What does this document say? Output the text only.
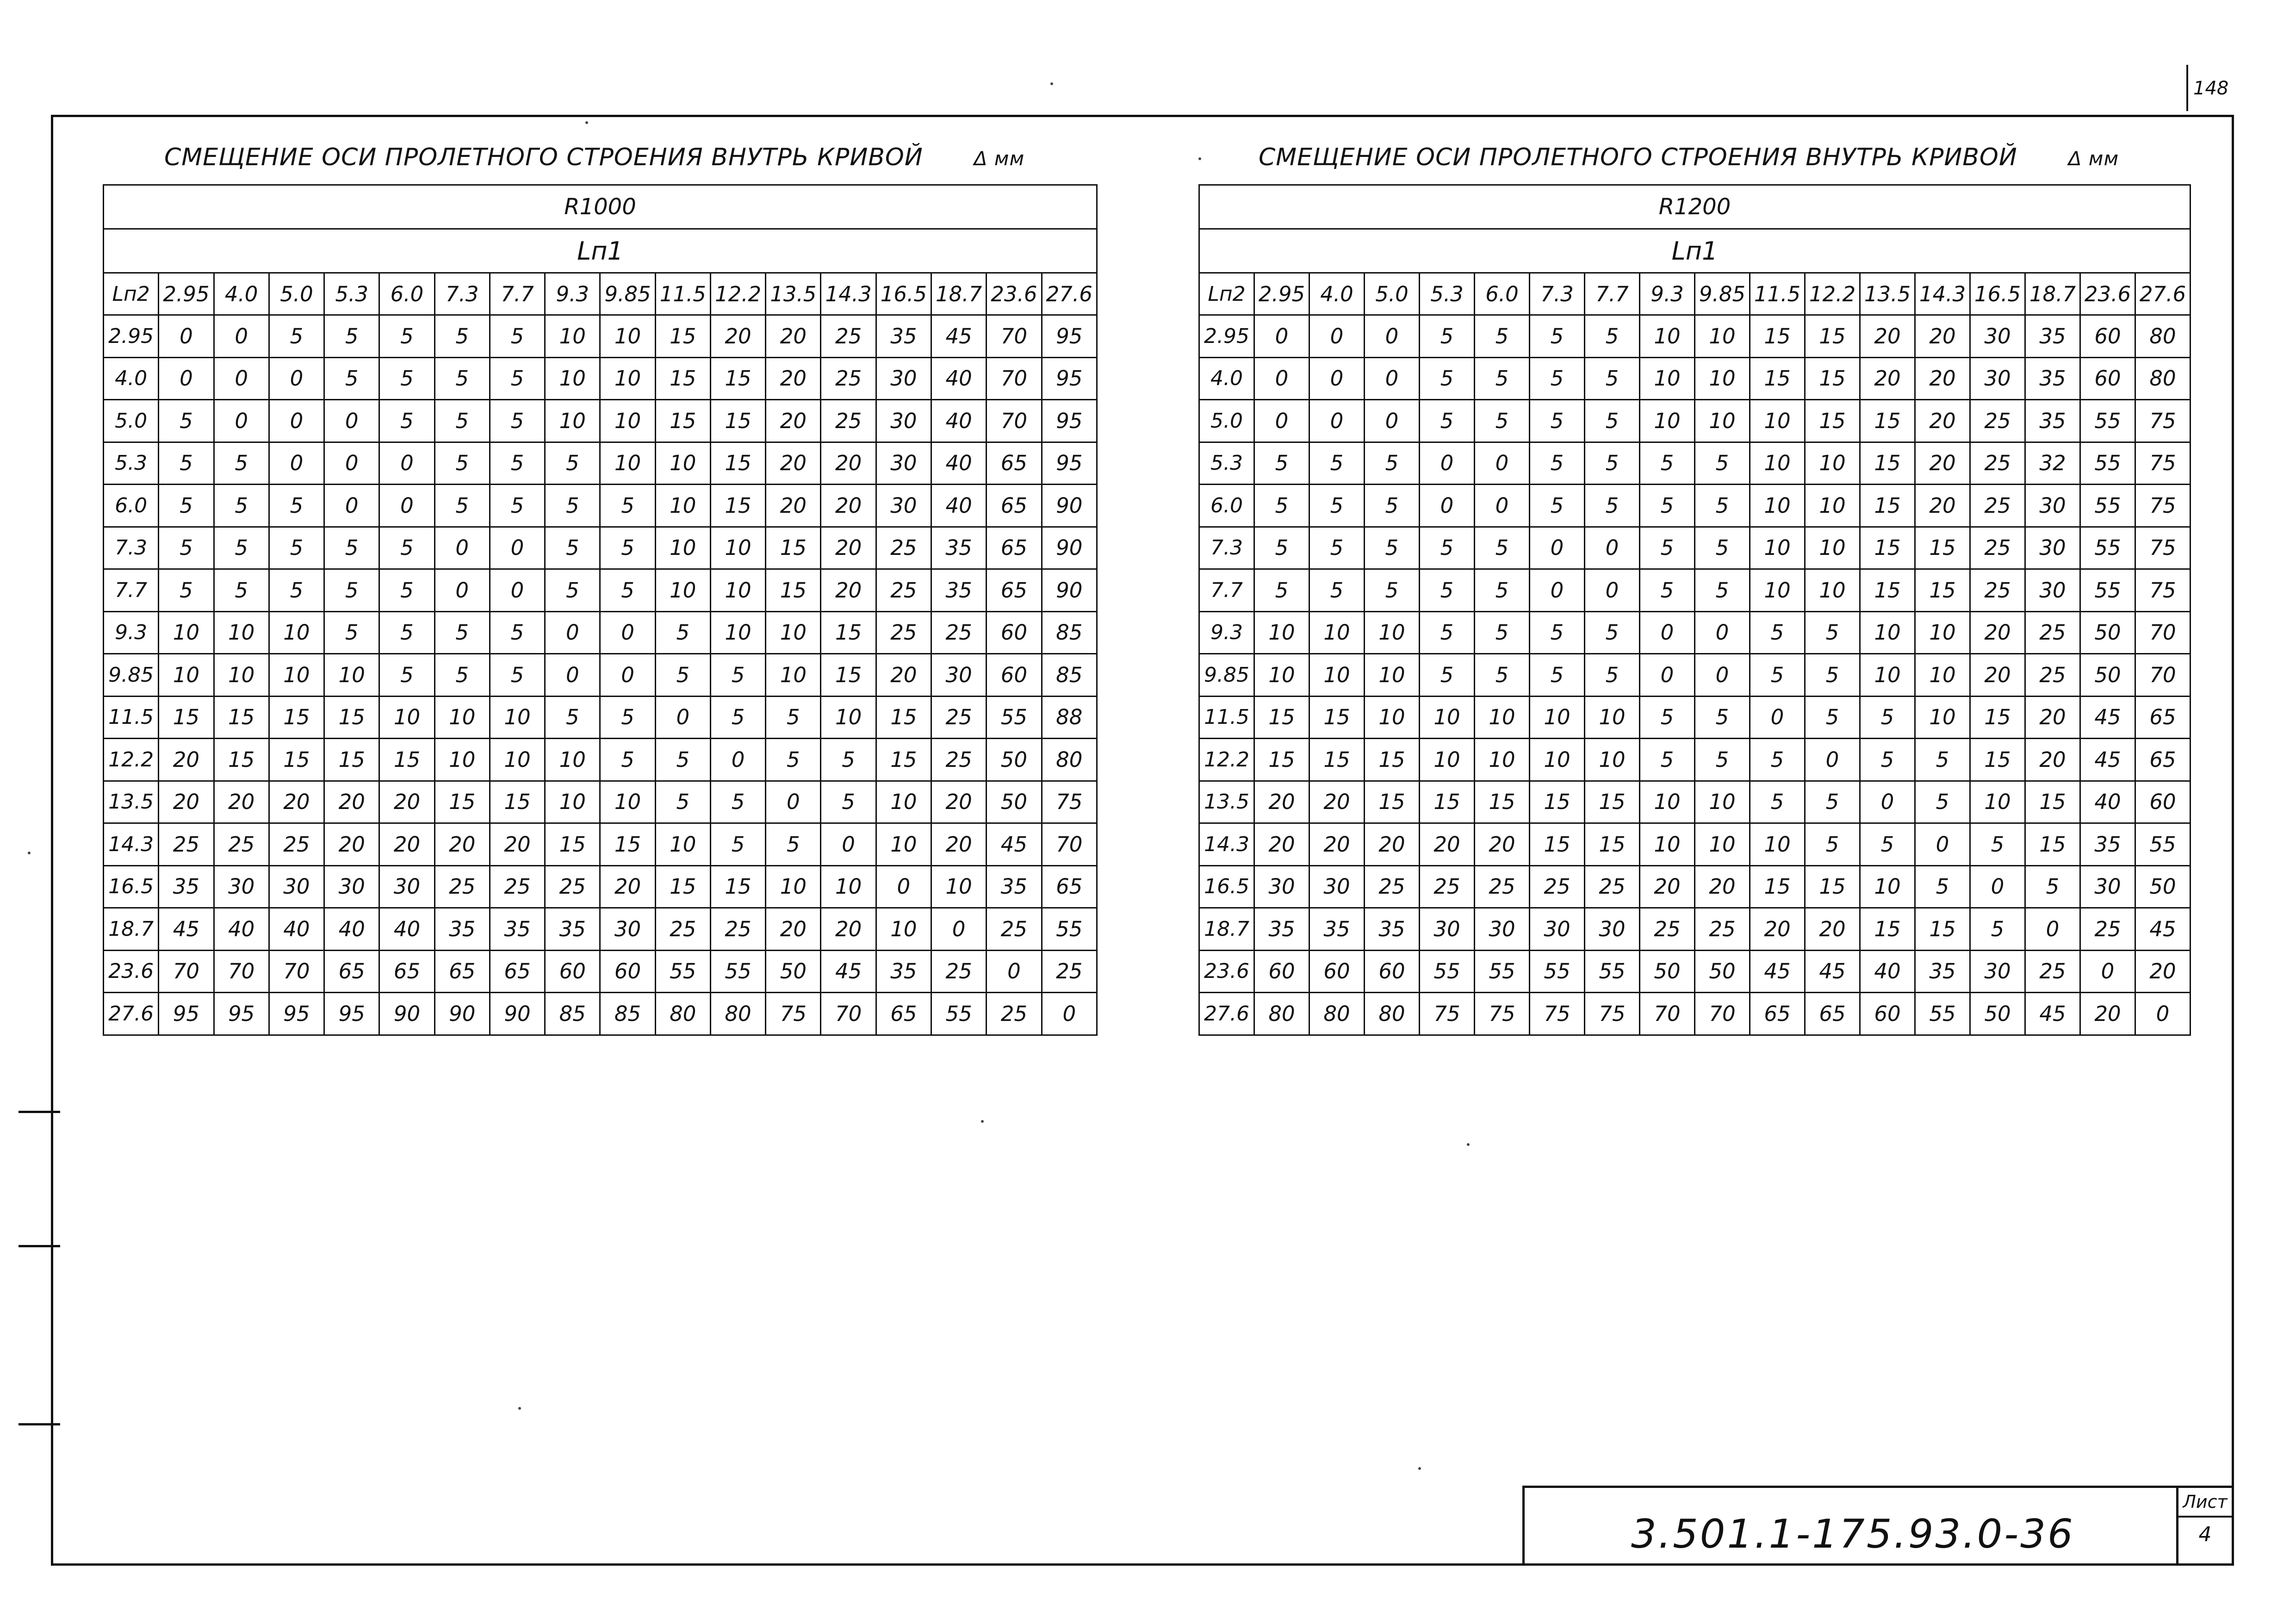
148
СМЕЩЕНИЕ ОСИ ПРОЛЕТНОГО СТРОЕНИЯ ВНУТРЬ КРИВОЙ	Δ мм
R1000																	
Lп1																	
Lп2	2.95	4.0	5.0	5.3	6.0	7.3	7.7	9.3	9.85	11.5	12.2	13.5	14.3	16.5	18.7	23.6	27.6
2.95	0	0	5	5	5	5	5	10	10	15	20	20	25	35	45	70	95
4.0	0	0	0	5	5	5	5	10	10	15	15	20	25	30	40	70	95
5.0	5	0	0	0	5	5	5	10	10	15	15	20	25	30	40	70	95
5.3	5	5	0	0	0	5	5	5	10	10	15	20	20	30	40	65	95
6.0	5	5	5	0	0	5	5	5	5	10	15	20	20	30	40	65	90
7.3	5	5	5	5	5	0	0	5	5	10	10	15	20	25	35	65	90
7.7	5	5	5	5	5	0	0	5	5	10	10	15	20	25	35	65	90
9.3	10	10	10	5	5	5	5	0	0	5	10	10	15	25	25	60	85
9.85	10	10	10	10	5	5	5	0	0	5	5	10	15	20	30	60	85
11.5	15	15	15	15	10	10	10	5	5	0	5	5	10	15	25	55	88
12.2	20	15	15	15	15	10	10	10	5	5	0	5	5	15	25	50	80
13.5	20	20	20	20	20	15	15	10	10	5	5	0	5	10	20	50	75
14.3	25	25	25	20	20	20	20	15	15	10	5	5	0	10	20	45	70
16.5	35	30	30	30	30	25	25	25	20	15	15	10	10	0	10	35	65
18.7	45	40	40	40	40	35	35	35	30	25	25	20	20	10	0	25	55
23.6	70	70	70	65	65	65	65	60	60	55	55	50	45	35	25	0	25
27.6	95	95	95	95	90	90	90	85	85	80	80	75	70	65	55	25	0
СМЕЩЕНИЕ ОСИ ПРОЛЕТНОГО СТРОЕНИЯ ВНУТРЬ КРИВОЙ	Δ мм
R1200																	
Lп1																	
Lп2	2.95	4.0	5.0	5.3	6.0	7.3	7.7	9.3	9.85	11.5	12.2	13.5	14.3	16.5	18.7	23.6	27.6
2.95	0	0	0	5	5	5	5	10	10	15	15	20	20	30	35	60	80
4.0	0	0	0	5	5	5	5	10	10	15	15	20	20	30	35	60	80
5.0	0	0	0	5	5	5	5	10	10	10	15	15	20	25	35	55	75
5.3	5	5	5	0	0	5	5	5	5	10	10	15	20	25	32	55	75
6.0	5	5	5	0	0	5	5	5	5	10	10	15	20	25	30	55	75
7.3	5	5	5	5	5	0	0	5	5	10	10	15	15	25	30	55	75
7.7	5	5	5	5	5	0	0	5	5	10	10	15	15	25	30	55	75
9.3	10	10	10	5	5	5	5	0	0	5	5	10	10	20	25	50	70
9.85	10	10	10	5	5	5	5	0	0	5	5	10	10	20	25	50	70
11.5	15	15	10	10	10	10	10	5	5	0	5	5	10	15	20	45	65
12.2	15	15	15	10	10	10	10	5	5	5	0	5	5	15	20	45	65
13.5	20	20	15	15	15	15	15	10	10	5	5	0	5	10	15	40	60
14.3	20	20	20	20	20	15	15	10	10	10	5	5	0	5	15	35	55
16.5	30	30	25	25	25	25	25	20	20	15	15	10	5	0	5	30	50
18.7	35	35	35	30	30	30	30	25	25	20	20	15	15	5	0	25	45
23.6	60	60	60	55	55	55	55	50	50	45	45	40	35	30	25	0	20
27.6	80	80	80	75	75	75	75	70	70	65	65	60	55	50	45	20	0
3.501.1-175.93.0-36
Лист
4
